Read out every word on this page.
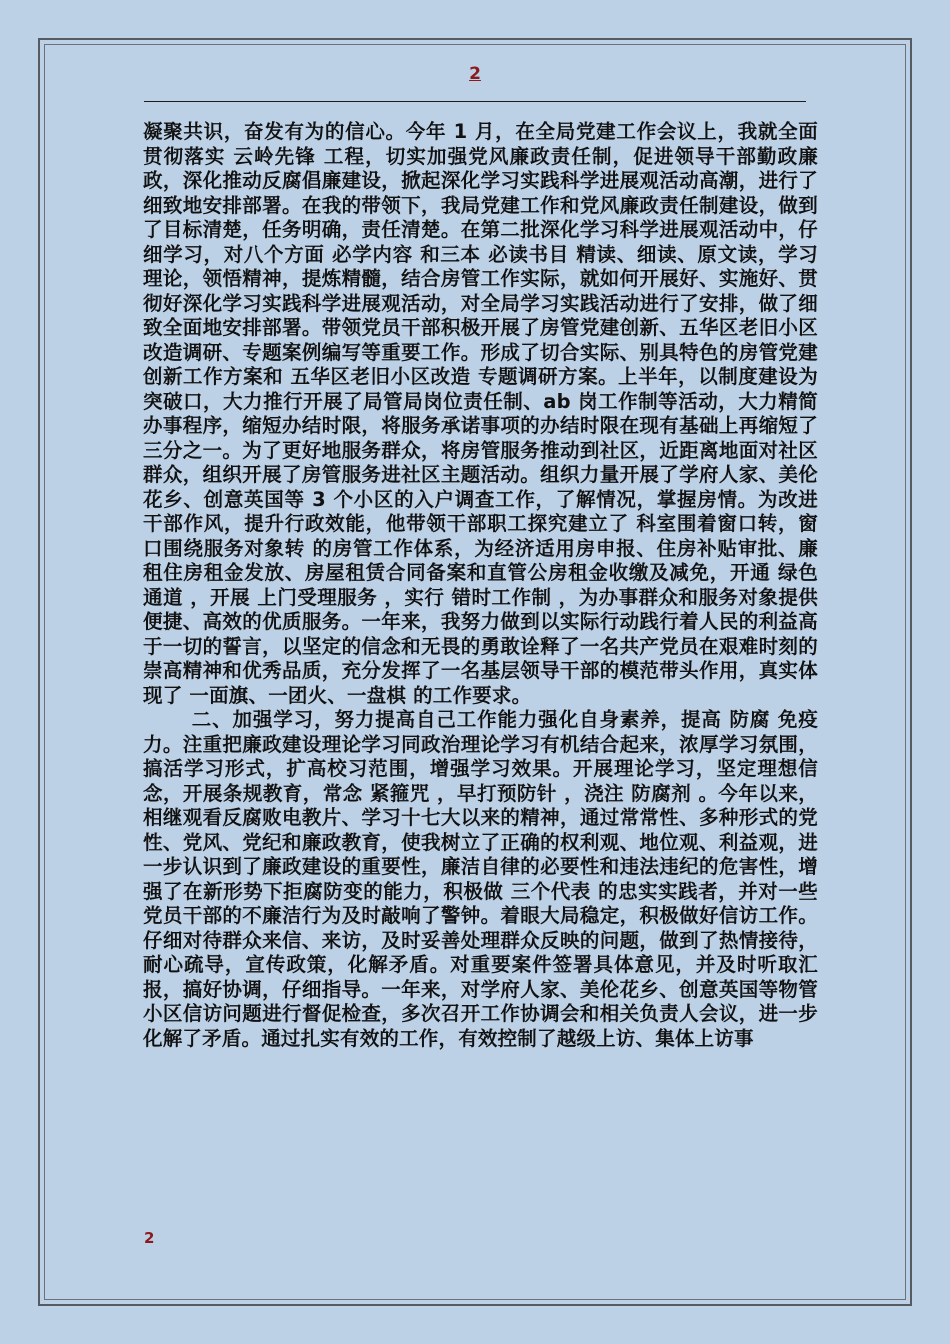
2

凝聚共识，奋发有为的信心。今年 1 月，在全局党建工作会议上，我就全面贯彻落实 云岭先锋 工程，切实加强党风廉政责任制，促进领导干部勤政廉政，深化推动反腐倡廉建设，掀起深化学习实践科学进展观活动高潮，进行了细致地安排部署。在我的带领下，我局党建工作和党风廉政责任制建设，做到了目标清楚，任务明确，责任清楚。在第二批深化学习科学进展观活动中，仔细学习，对八个方面 必学内容 和三本 必读书目 精读、细读、原文读，学习理论，领悟精神，提炼精髓，结合房管工作实际，就如何开展好、实施好、贯彻好深化学习实践科学进展观活动，对全局学习实践活动进行了安排，做了细致全面地安排部署。带领党员干部积极开展了房管党建创新、五华区老旧小区改造调研、专题案例编写等重要工作。形成了切合实际、别具特色的房管党建创新工作方案和 五华区老旧小区改造 专题调研方案。上半年，以制度建设为突破口，大力推行开展了局管局岗位责任制、ab 岗工作制等活动，大力精简办事程序，缩短办结时限，将服务承诺事项的办结时限在现有基础上再缩短了三分之一。为了更好地服务群众，将房管服务推动到社区，近距离地面对社区群众，组织开展了房管服务进社区主题活动。组织力量开展了学府人家、美伦花乡、创意英国等 3 个小区的入户调查工作，了解情况，掌握房情。为改进干部作风，提升行政效能，他带领干部职工探究建立了 科室围着窗口转，窗口围绕服务对象转 的房管工作体系，为经济适用房申报、住房补贴审批、廉租住房租金发放、房屋租赁合同备案和直管公房租金收缴及减免，开通 绿色通道 ，开展 上门受理服务 ，实行 错时工作制 ，为办事群众和服务对象提供便捷、高效的优质服务。一年来，我努力做到以实际行动践行着人民的利益高于一切的誓言，以坚定的信念和无畏的勇敢诠释了一名共产党员在艰难时刻的崇高精神和优秀品质，充分发挥了一名基层领导干部的模范带头作用，真实体现了 一面旗、一团火、一盘棋 的工作要求。

二、加强学习，努力提高自己工作能力强化自身素养，提高 防腐 免疫力。注重把廉政建设理论学习同政治理论学习有机结合起来，浓厚学习氛围，搞活学习形式，扩高校习范围，增强学习效果。开展理论学习，坚定理想信念，开展条规教育，常念 紧箍咒 ，早打预防针 ，浇注 防腐剂 。今年以来，相继观看反腐败电教片、学习十七大以来的精神，通过常常性、多种形式的党性、党风、党纪和廉政教育，使我树立了正确的权利观、地位观、利益观，进一步认识到了廉政建设的重要性，廉洁自律的必要性和违法违纪的危害性，增强了在新形势下拒腐防变的能力，积极做 三个代表 的忠实实践者，并对一些党员干部的不廉洁行为及时敲响了警钟。着眼大局稳定，积极做好信访工作。仔细对待群众来信、来访，及时妥善处理群众反映的问题，做到了热情接待，耐心疏导，宣传政策，化解矛盾。对重要案件签署具体意见，并及时听取汇报，搞好协调，仔细指导。一年来，对学府人家、美伦花乡、创意英国等物管小区信访问题进行督促检查，多次召开工作协调会和相关负责人会议，进一步化解了矛盾。通过扎实有效的工作，有效控制了越级上访、集体上访事

2
